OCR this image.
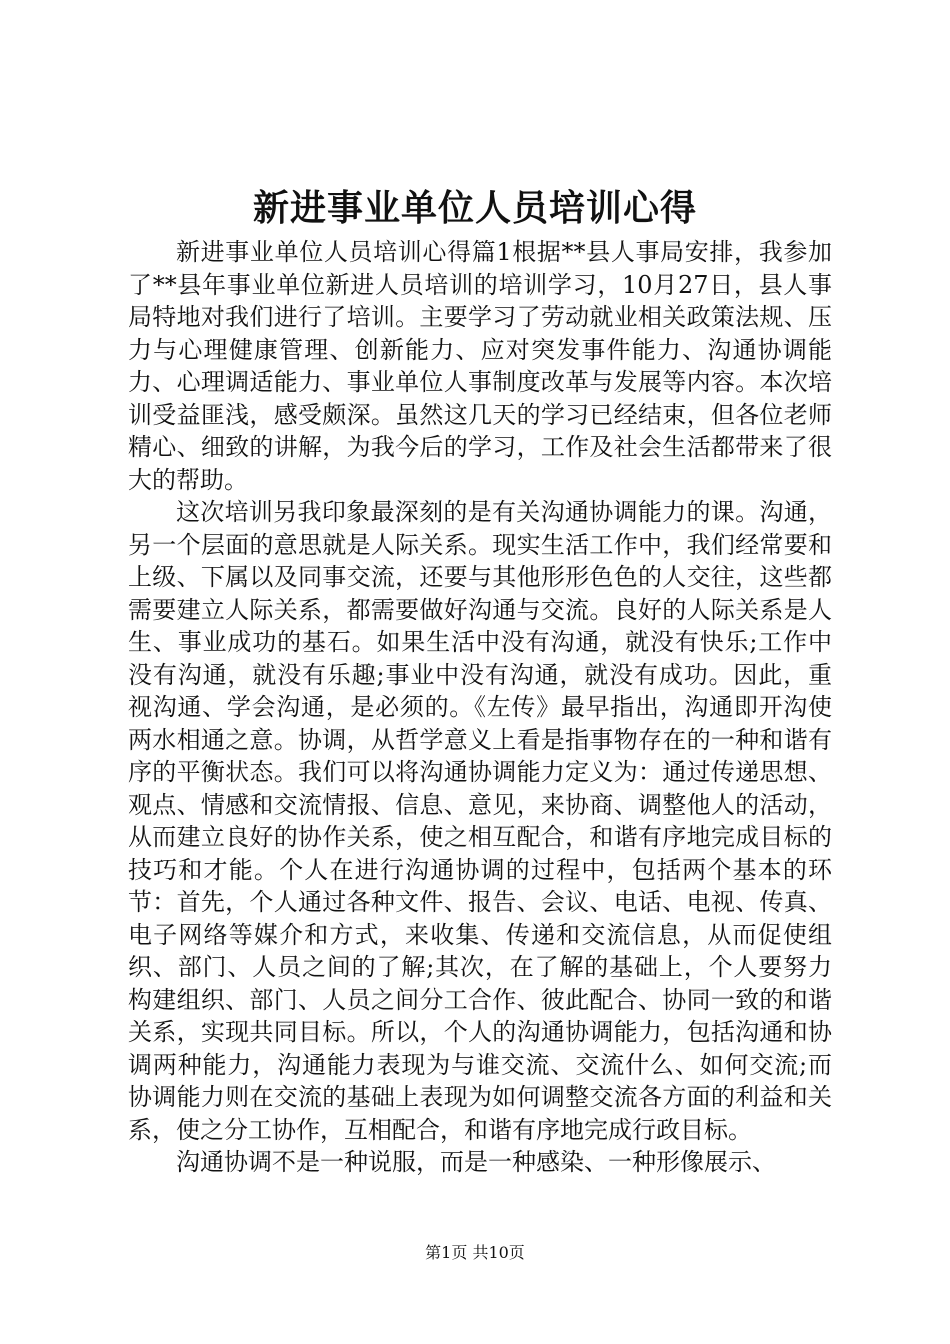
新进事业单位人员培训心得

新进事业单位人员培训心得篇1根据**县人事局安排，我参加了**县年事业单位新进人员培训的培训学习，10月27日，县人事局特地对我们进行了培训。主要学习了劳动就业相关政策法规、压力与心理健康管理、创新能力、应对突发事件能力、沟通协调能力、心理调适能力、事业单位人事制度改革与发展等内容。本次培训受益匪浅，感受颇深。虽然这几天的学习已经结束，但各位老师精心、细致的讲解，为我今后的学习，工作及社会生活都带来了很大的帮助。

这次培训另我印象最深刻的是有关沟通协调能力的课。沟通，另一个层面的意思就是人际关系。现实生活工作中，我们经常要和上级、下属以及同事交流，还要与其他形形色色的人交往，这些都需要建立人际关系，都需要做好沟通与交流。良好的人际关系是人生、事业成功的基石。如果生活中没有沟通，就没有快乐;工作中没有沟通，就没有乐趣;事业中没有沟通，就没有成功。因此，重视沟通、学会沟通，是必须的。《左传》最早指出，沟通即开沟使两水相通之意。协调，从哲学意义上看是指事物存在的一种和谐有序的平衡状态。我们可以将沟通协调能力定义为：通过传递思想、观点、情感和交流情报、信息、意见，来协商、调整他人的活动，从而建立良好的协作关系，使之相互配合，和谐有序地完成目标的技巧和才能。个人在进行沟通协调的过程中，包括两个基本的环节：首先，个人通过各种文件、报告、会议、电话、电视、传真、电子网络等媒介和方式，来收集、传递和交流信息，从而促使组织、部门、人员之间的了解;其次，在了解的基础上，个人要努力构建组织、部门、人员之间分工合作、彼此配合、协同一致的和谐关系，实现共同目标。所以，个人的沟通协调能力，包括沟通和协调两种能力，沟通能力表现为与谁交流、交流什么、如何交流;而协调能力则在交流的基础上表现为如何调整交流各方面的利益和关系，使之分工协作，互相配合，和谐有序地完成行政目标。

沟通协调不是一种说服，而是一种感染、一种形像展示、

第1页 共10页
